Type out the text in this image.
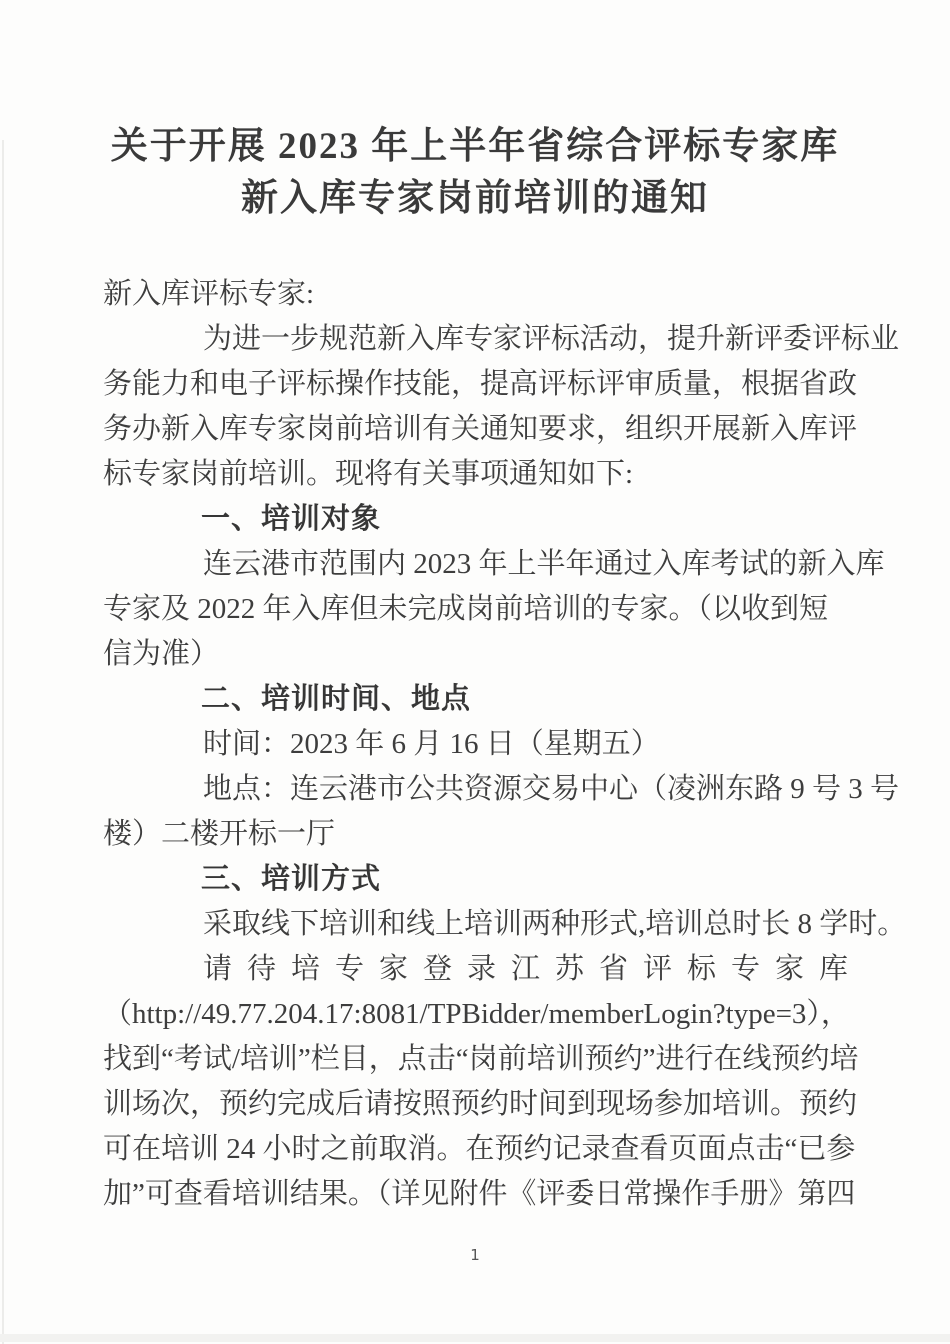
关于开展 2023 年上半年省综合评标专家库
新入库专家岗前培训的通知
新入库评标专家:
为进一步规范新入库专家评标活动，提升新评委评标业
务能力和电子评标操作技能，提高评标评审质量，根据省政
务办新入库专家岗前培训有关通知要求，组织开展新入库评
标专家岗前培训。现将有关事项通知如下:
一、培训对象
连云港市范围内 2023 年上半年通过入库考试的新入库
专家及 2022 年入库但未完成岗前培训的专家。（以收到短
信为准）
二、培训时间、地点
时间：2023 年 6 月 16 日（星期五）
地点：连云港市公共资源交易中心（凌洲东路 9 号 3 号
楼）二楼开标一厅
三、培训方式
采取线下培训和线上培训两种形式,培训总时长 8 学时。
请待培专家登录江苏省评标专家库
（http://49.77.204.17:8081/TPBidder/memberLogin?type=3），
找到“考试/培训”栏目，点击“岗前培训预约”进行在线预约培
训场次，预约完成后请按照预约时间到现场参加培训。预约
可在培训 24 小时之前取消。在预约记录查看页面点击“已参
加”可查看培训结果。（详见附件《评委日常操作手册》第四
1
